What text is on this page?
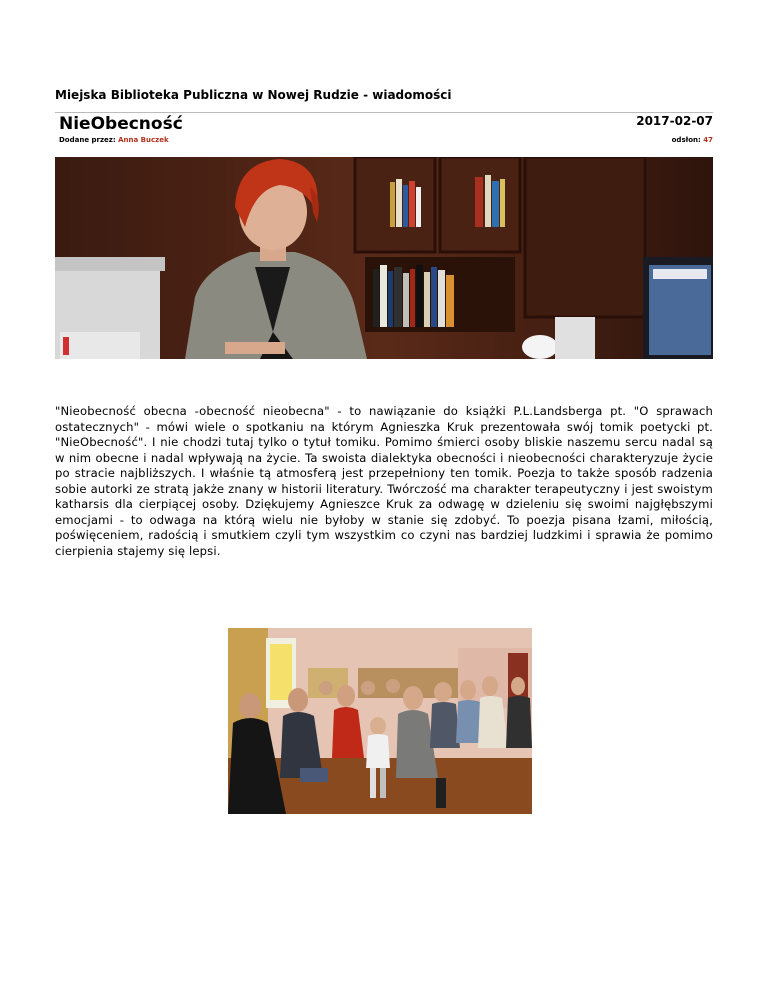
Miejska Biblioteka Publiczna w Nowej Rudzie - wiadomości
NieObecność	2017-02-07
Dodane przez: Anna Buczek	odsłon: 47
"Nieobecność obecna -obecność nieobecna" - to nawiązanie do książki P.L.Landsberga pt. "O sprawach ostatecznych" - mówi wiele o spotkaniu na którym Agnieszka Kruk prezentowała swój tomik poetycki pt. "NieObecność". I nie chodzi tutaj tylko o tytuł tomiku. Pomimo śmierci osoby bliskie naszemu sercu nadal są w nim obecne i nadal wpływają na życie. Ta swoista dialektyka obecności i nieobecności charakteryzuje życie po stracie najbliższych. I właśnie tą atmosferą jest przepełniony ten tomik. Poezja to także sposób radzenia sobie autorki ze stratą jakże znany w historii literatury. Twórczość ma charakter terapeutyczny i jest swoistym katharsis dla cierpiącej osoby. Dziękujemy Agnieszce Kruk za odwagę w dzieleniu się swoimi najgłębszymi emocjami - to odwaga na którą wielu nie byłoby w stanie się zdobyć. To poezja pisana łzami, miłością, poświęceniem, radością i smutkiem czyli tym wszystkim co czyni nas bardziej ludzkimi i sprawia że pomimo cierpienia stajemy się lepsi.
